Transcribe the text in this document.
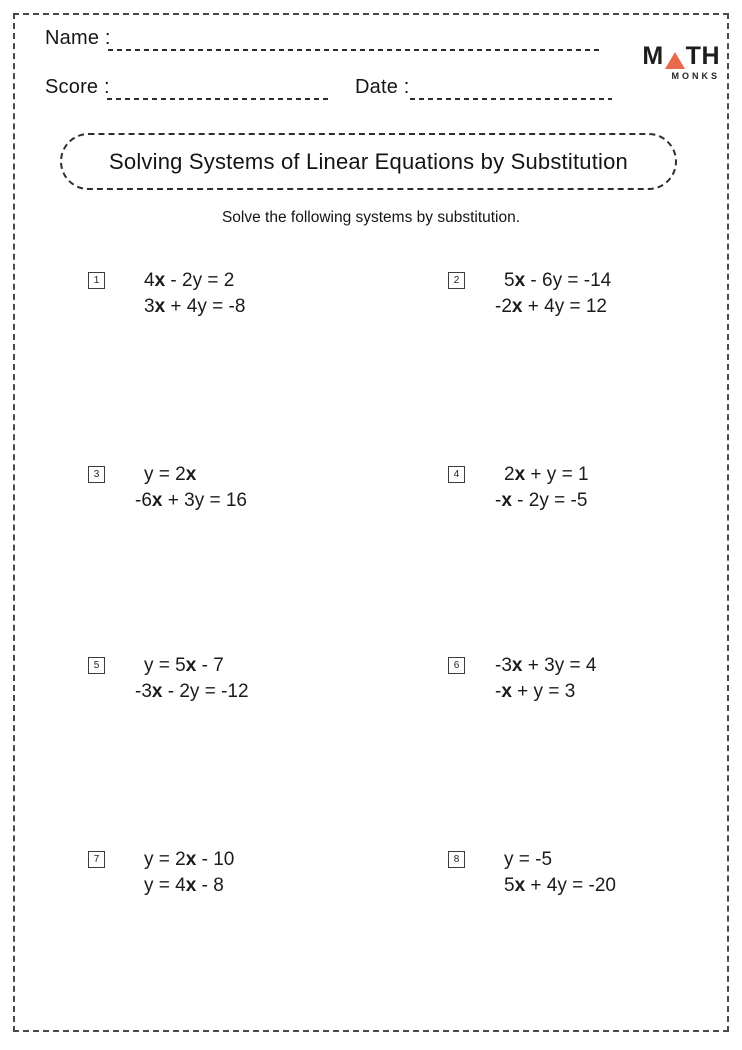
Name :
Score :	Date :
M TH
MONKS
Solving Systems of Linear Equations by Substitution
Solve the following systems by substitution.
1	4x - 2y = 2
3x + 4y = -8
2	5x - 6y = -14
-2x + 4y = 12
3	y = 2x
-6x + 3y = 16
4	2x + y = 1
-x - 2y = -5
5	y = 5x - 7
-3x - 2y = -12
6	-3x + 3y = 4
-x + y = 3
7	y = 2x - 10
y = 4x - 8
8	y = -5
5x + 4y = -20
